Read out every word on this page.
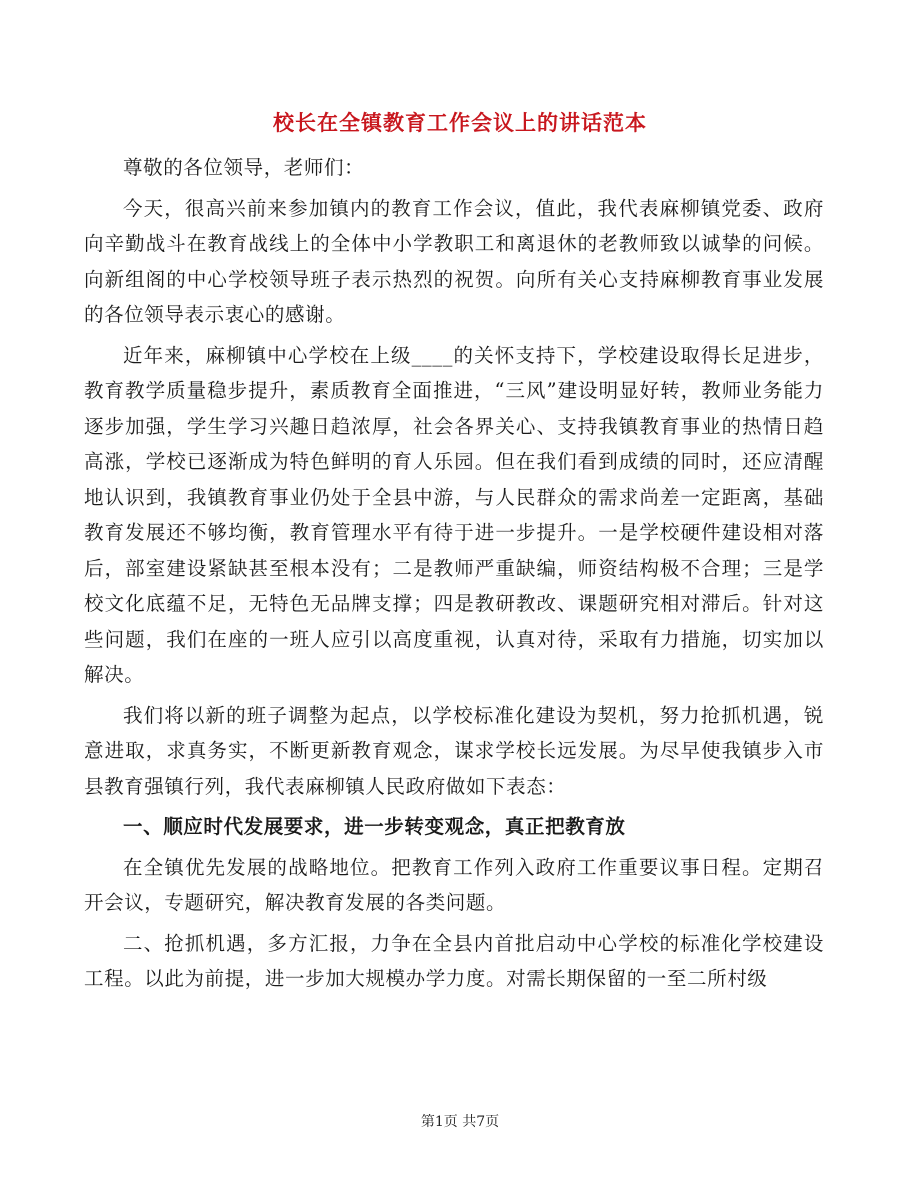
校长在全镇教育工作会议上的讲话范本

尊敬的各位领导，老师们：

今天，很高兴前来参加镇内的教育工作会议，值此，我代表麻柳镇党委、政府向辛勤战斗在教育战线上的全体中小学教职工和离退休的老教师致以诚挚的问候。向新组阁的中心学校领导班子表示热烈的祝贺。向所有关心支持麻柳教育事业发展的各位领导表示衷心的感谢。

近年来，麻柳镇中心学校在上级____的关怀支持下，学校建设取得长足进步，教育教学质量稳步提升，素质教育全面推进，“三风”建设明显好转，教师业务能力逐步加强，学生学习兴趣日趋浓厚，社会各界关心、支持我镇教育事业的热情日趋高涨，学校已逐渐成为特色鲜明的育人乐园。但在我们看到成绩的同时，还应清醒地认识到，我镇教育事业仍处于全县中游，与人民群众的需求尚差一定距离，基础教育发展还不够均衡，教育管理水平有待于进一步提升。一是学校硬件建设相对落后，部室建设紧缺甚至根本没有；二是教师严重缺编，师资结构极不合理；三是学校文化底蕴不足，无特色无品牌支撑；四是教研教改、课题研究相对滞后。针对这些问题，我们在座的一班人应引以高度重视，认真对待，采取有力措施，切实加以解决。

我们将以新的班子调整为起点，以学校标准化建设为契机，努力抢抓机遇，锐意进取，求真务实，不断更新教育观念，谋求学校长远发展。为尽早使我镇步入市县教育强镇行列，我代表麻柳镇人民政府做如下表态：

一、顺应时代发展要求，进一步转变观念，真正把教育放

在全镇优先发展的战略地位。把教育工作列入政府工作重要议事日程。定期召开会议，专题研究，解决教育发展的各类问题。

二、抢抓机遇，多方汇报，力争在全县内首批启动中心学校的标准化学校建设工程。以此为前提，进一步加大规模办学力度。对需长期保留的一至二所村级

第1页 共7页
